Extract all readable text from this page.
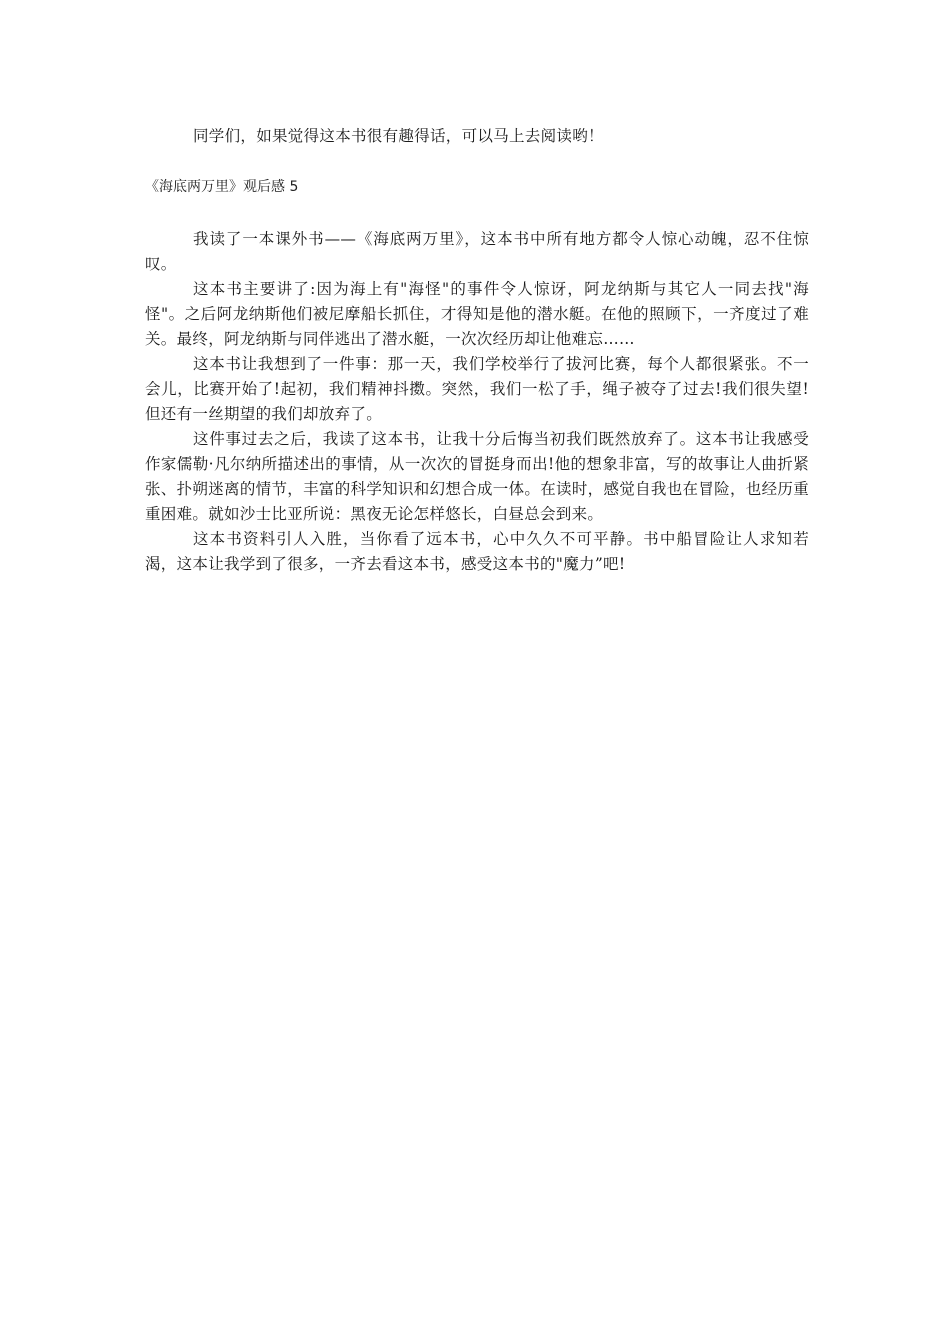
同学们，如果觉得这本书很有趣得话，可以马上去阅读哟！

《海底两万里》观后感 5

我读了一本课外书——《海底两万里》，这本书中所有地方都令人惊心动魄，忍不住惊叹。

这本书主要讲了:因为海上有"海怪"的事件令人惊讶，阿龙纳斯与其它人一同去找"海怪"。之后阿龙纳斯他们被尼摩船长抓住，才得知是他的潜水艇。在他的照顾下，一齐度过了难关。最终，阿龙纳斯与同伴逃出了潜水艇，一次次经历却让他难忘……

这本书让我想到了一件事：那一天，我们学校举行了拔河比赛，每个人都很紧张。不一会儿，比赛开始了!起初，我们精神抖擞。突然，我们一松了手，绳子被夺了过去!我们很失望!但还有一丝期望的我们却放弃了。

这件事过去之后，我读了这本书，让我十分后悔当初我们既然放弃了。这本书让我感受作家儒勒·凡尔纳所描述出的事情，从一次次的冒挺身而出!他的想象非富，写的故事让人曲折紧张、扑朔迷离的情节，丰富的科学知识和幻想合成一体。在读时，感觉自我也在冒险，也经历重重困难。就如沙士比亚所说：黑夜无论怎样悠长，白昼总会到来。

这本书资料引人入胜，当你看了远本书，心中久久不可平静。书中船冒险让人求知若渴，这本让我学到了很多，一齐去看这本书，感受这本书的"魔力”吧!
